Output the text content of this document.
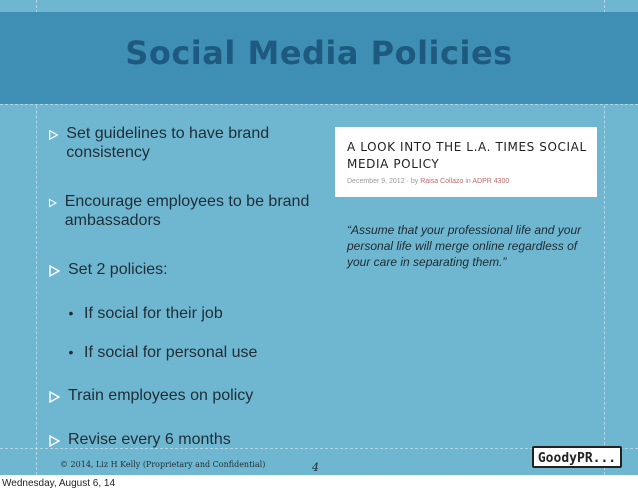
Social Media Policies
Set guidelines to have brand consistency
Encourage employees to be brand ambassadors
Set 2 policies:
• If social for their job
• If social for personal use
Train employees on policy
Revise every 6 months
A LOOK INTO THE L.A. TIMES SOCIAL MEDIA POLICY
December 9, 2012 · by Raisa Collazo in ADPR 4300
“Assume that your professional life and your personal life will merge online regardless of your care in separating them.”
© 2014, Liz H Kelly (Proprietary and Confidential)	4
GoodyPR...
Wednesday, August 6, 14
